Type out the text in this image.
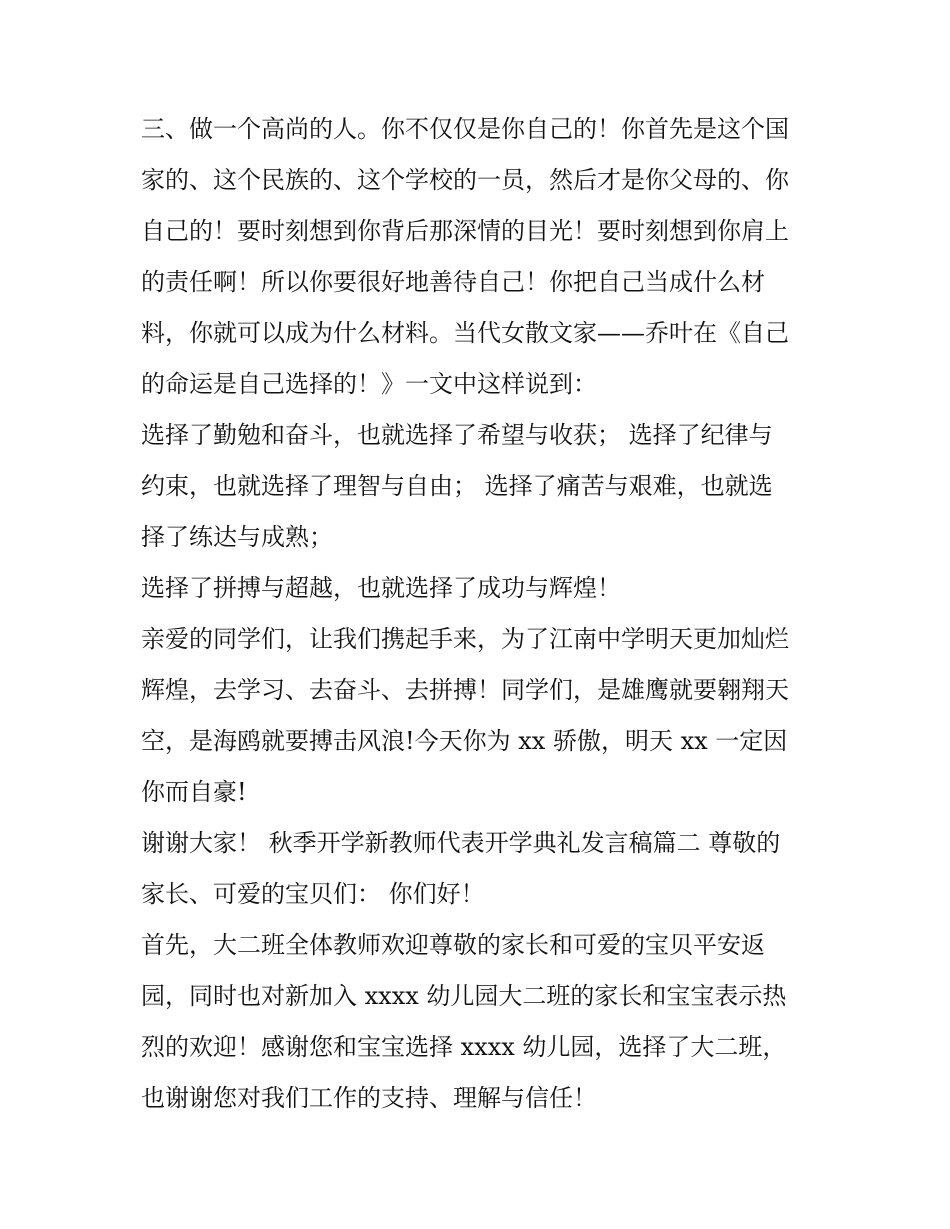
三、做一个高尚的人。你不仅仅是你自己的！你首先是这个国
家的、这个民族的、这个学校的一员，然后才是你父母的、你
自己的！要时刻想到你背后那深情的目光！要时刻想到你肩上
的责任啊！所以你要很好地善待自己！你把自己当成什么材
料，你就可以成为什么材料。当代女散文家——乔叶在《自己
的命运是自己选择的！》一文中这样说到：
选择了勤勉和奋斗，也就选择了希望与收获； 选择了纪律与
约束，也就选择了理智与自由； 选择了痛苦与艰难，也就选
择了练达与成熟；
选择了拼搏与超越，也就选择了成功与辉煌！
亲爱的同学们，让我们携起手来，为了江南中学明天更加灿烂
辉煌，去学习、去奋斗、去拼搏！同学们，是雄鹰就要翱翔天
空，是海鸥就要搏击风浪!今天你为 xx 骄傲，明天 xx 一定因
你而自豪!
谢谢大家！ 秋季开学新教师代表开学典礼发言稿篇二 尊敬的
家长、可爱的宝贝们： 你们好！
首先，大二班全体教师欢迎尊敬的家长和可爱的宝贝平安返
园，同时也对新加入 xxxx 幼儿园大二班的家长和宝宝表示热
烈的欢迎！感谢您和宝宝选择 xxxx 幼儿园，选择了大二班，
也谢谢您对我们工作的支持、理解与信任！
